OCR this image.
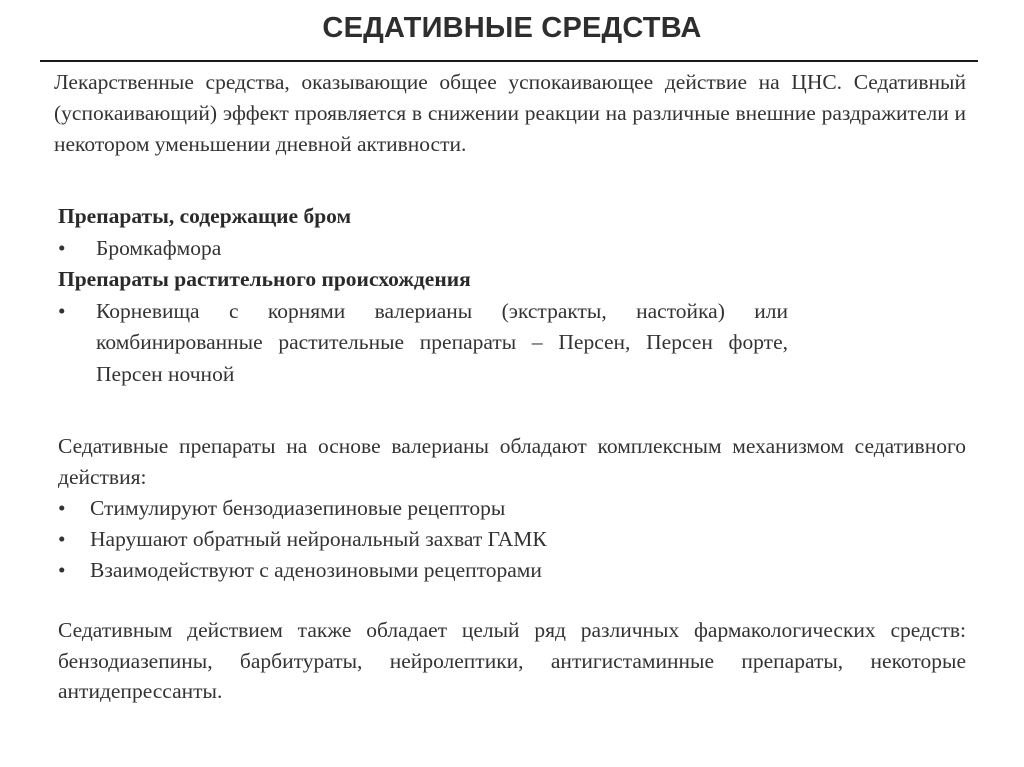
СЕДАТИВНЫЕ СРЕДСТВА
Лекарственные средства, оказывающие общее успокаивающее действие на ЦНС. Седативный (успокаивающий) эффект проявляется в снижении реакции на различные внешние раздражители и некотором уменьшении дневной активности.
Препараты, содержащие бром
•	Бромкафмора
Препараты растительного происхождения
•	Корневища с корнями валерианы (экстракты, настойка) или комбинированные растительные препараты – Персен, Персен форте, Персен ночной
Седативные препараты на основе валерианы обладают комплексным механизмом седативного действия:
•	Стимулируют бензодиазепиновые рецепторы
•	Нарушают обратный нейрональный захват ГАМК
•	Взаимодействуют с аденозиновыми рецепторами
Седативным действием также обладает целый ряд различных фармакологических средств: бензодиазепины, барбитураты, нейролептики, антигистаминные препараты, некоторые антидепрессанты.
